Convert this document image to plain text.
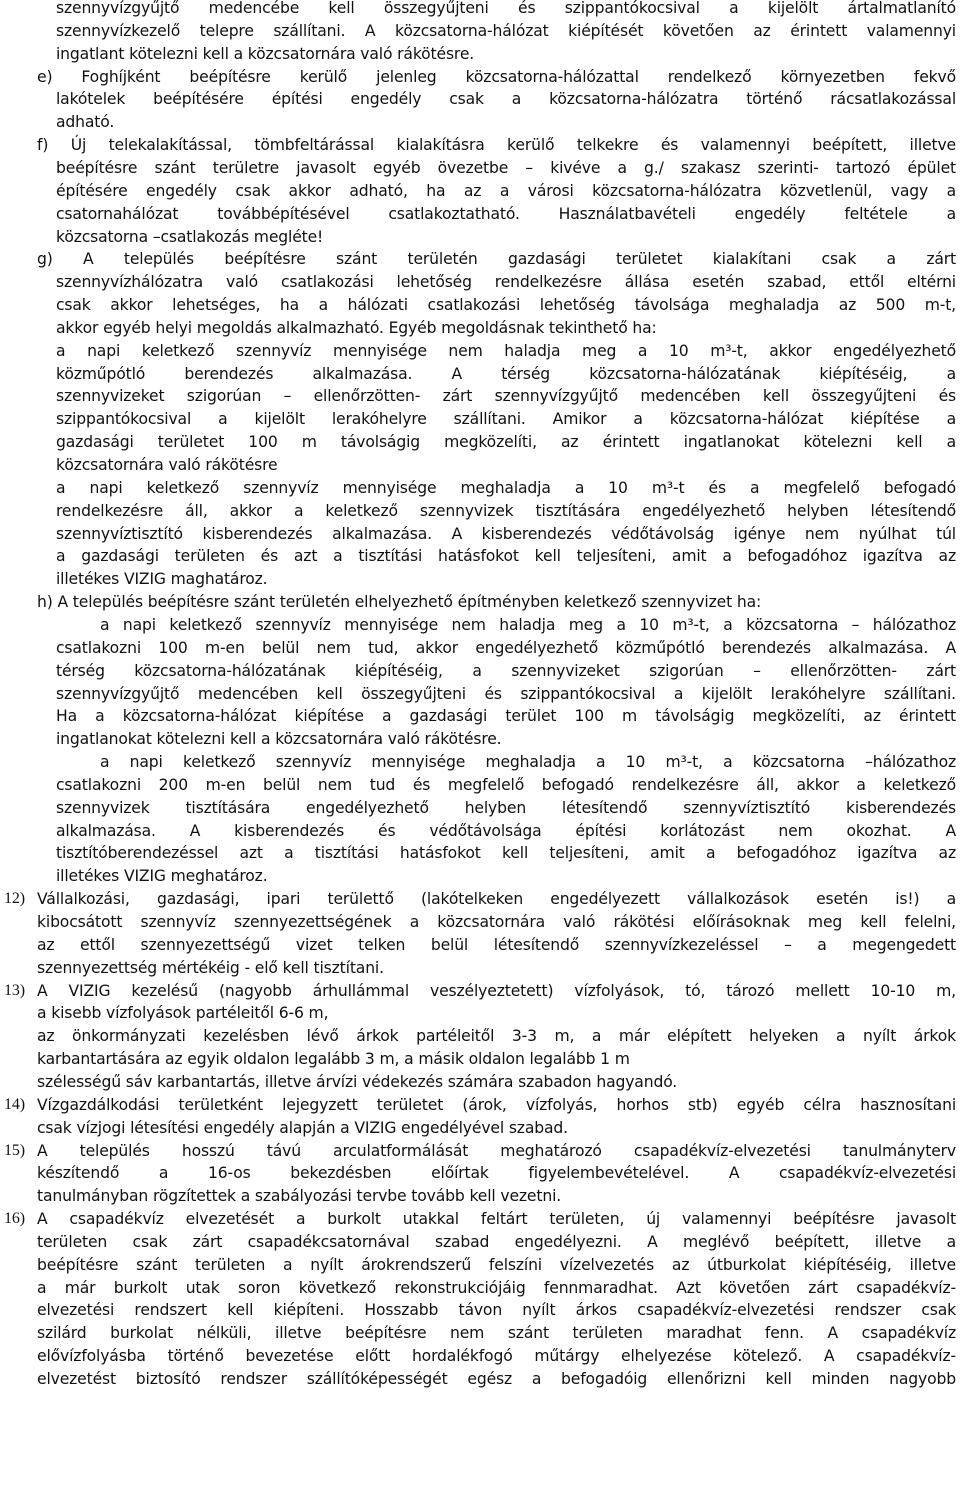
szennyvízgyűjtő medencébe kell összegyűjteni és szippantókocsival a kijelölt ártalmatlanító
szennyvízkezelő telepre szállítani. A közcsatorna-hálózat kiépítését követően az érintett valamennyi
ingatlant kötelezni kell a közcsatornára való rákötésre.
e) Foghíjként beépítésre kerülő jelenleg közcsatorna-hálózattal rendelkező környezetben fekvő
lakótelek beépítésére építési engedély csak a közcsatorna-hálózatra történő rácsatlakozással
adható.
f) Új telekalakítással, tömbfeltárással kialakításra kerülő telkekre és valamennyi beépített, illetve
beépítésre szánt területre javasolt egyéb övezetbe – kivéve a g./ szakasz szerinti- tartozó épület
építésére engedély csak akkor adható, ha az a városi közcsatorna-hálózatra közvetlenül, vagy a
csatornahálózat továbbépítésével csatlakoztatható. Használatbavételi engedély feltétele a
közcsatorna –csatlakozás megléte!
g) A település beépítésre szánt területén gazdasági területet kialakítani csak a zárt
szennyvízhálózatra való csatlakozási lehetőség rendelkezésre állása esetén szabad, ettől eltérni
csak akkor lehetséges, ha a hálózati csatlakozási lehetőség távolsága meghaladja az 500 m-t,
akkor egyéb helyi megoldás alkalmazható. Egyéb megoldásnak tekinthető ha:
a napi keletkező szennyvíz mennyisége nem haladja meg a 10 m³-t, akkor engedélyezhető
közműpótló berendezés alkalmazása. A térség közcsatorna-hálózatának kiépítéséig, a
szennyvizeket szigorúan – ellenőrzötten- zárt szennyvízgyűjtő medencében kell összegyűjteni és
szippantókocsival a kijelölt lerakóhelyre szállítani. Amikor a közcsatorna-hálózat kiépítése a
gazdasági területet 100 m távolságig megközelíti, az érintett ingatlanokat kötelezni kell a
közcsatornára való rákötésre
a napi keletkező szennyvíz mennyisége meghaladja a 10 m³-t és a megfelelő befogadó
rendelkezésre áll, akkor a keletkező szennyvizek tisztítására engedélyezhető helyben létesítendő
szennyvíztisztító kisberendezés alkalmazása. A kisberendezés védőtávolság igénye nem nyúlhat túl
a gazdasági területen és azt a tisztítási hatásfokot kell teljesíteni, amit a befogadóhoz igazítva az
illetékes VIZIG maghatároz.
h) A település beépítésre szánt területén elhelyezhető építményben keletkező szennyvizet ha:
a napi keletkező szennyvíz mennyisége nem haladja meg a 10 m³-t, a közcsatorna – hálózathoz
csatlakozni 100 m-en belül nem tud, akkor engedélyezhető közműpótló berendezés alkalmazása. A
térség közcsatorna-hálózatának kiépítéséig, a szennyvizeket szigorúan – ellenőrzötten- zárt
szennyvízgyűjtő medencében kell összegyűjteni és szippantókocsival a kijelölt lerakóhelyre szállítani.
Ha a közcsatorna-hálózat kiépítése a gazdasági terület 100 m távolságig megközelíti, az érintett
ingatlanokat kötelezni kell a közcsatornára való rákötésre.
a napi keletkező szennyvíz mennyisége meghaladja a 10 m³-t, a közcsatorna –hálózathoz
csatlakozni 200 m-en belül nem tud és megfelelő befogadó rendelkezésre áll, akkor a keletkező
szennyvizek tisztítására engedélyezhető helyben létesítendő szennyvíztisztító kisberendezés
alkalmazása. A kisberendezés és védőtávolsága építési korlátozást nem okozhat. A
tisztítóberendezéssel azt a tisztítási hatásfokot kell teljesíteni, amit a befogadóhoz igazítva az
illetékes VIZIG meghatároz.
12) Vállalkozási, gazdasági, ipari területtő (lakótelkeken engedélyezett vállalkozások esetén is!) a
kibocsátott szennyvíz szennyezettségének a közcsatornára való rákötési előírásoknak meg kell felelni,
az ettől szennyezettségű vizet telken belül létesítendő szennyvízkezeléssel – a megengedett
szennyezettség mértékéig - elő kell tisztítani.
13) A VIZIG kezelésű (nagyobb árhullámmal veszélyeztetett) vízfolyások, tó, tározó mellett 10-10 m,
a kisebb vízfolyások partéleitől 6-6 m,
az önkormányzati kezelésben lévő árkok partéleitől 3-3 m, a már elépített helyeken a nyílt árkok
karbantartására az egyik oldalon legalább 3 m, a másik oldalon legalább 1 m
szélességű sáv karbantartás, illetve árvízi védekezés számára szabadon hagyandó.
14) Vízgazdálkodási területként lejegyzett területet (árok, vízfolyás, horhos stb) egyéb célra hasznosítani
csak vízjogi létesítési engedély alapján a VIZIG engedélyével szabad.
15) A település hosszú távú arculatformálását meghatározó csapadékvíz-elvezetési tanulmányterv
készítendő a 16-os bekezdésben előírtak figyelembevételével. A csapadékvíz-elvezetési
tanulmányban rögzítettek a szabályozási tervbe tovább kell vezetni.
16) A csapadékvíz elvezetését a burkolt utakkal feltárt területen, új valamennyi beépítésre javasolt
területen csak zárt csapadékcsatornával szabad engedélyezni. A meglévő beépített, illetve a
beépítésre szánt területen a nyílt árokrendszerű felszíni vízelvezetés az útburkolat kiépítéséig, illetve
a már burkolt utak soron következő rekonstrukciójáig fennmaradhat. Azt követően zárt csapadékvíz-
elvezetési rendszert kell kiépíteni. Hosszabb távon nyílt árkos csapadékvíz-elvezetési rendszer csak
szilárd burkolat nélküli, illetve beépítésre nem szánt területen maradhat fenn. A csapadékvíz
elővízfolyásba történő bevezetése előtt hordalékfogó műtárgy elhelyezése kötelező. A csapadékvíz-
elvezetést biztosító rendszer szállítóképességét egész a befogadóig ellenőrizni kell minden nagyobb
